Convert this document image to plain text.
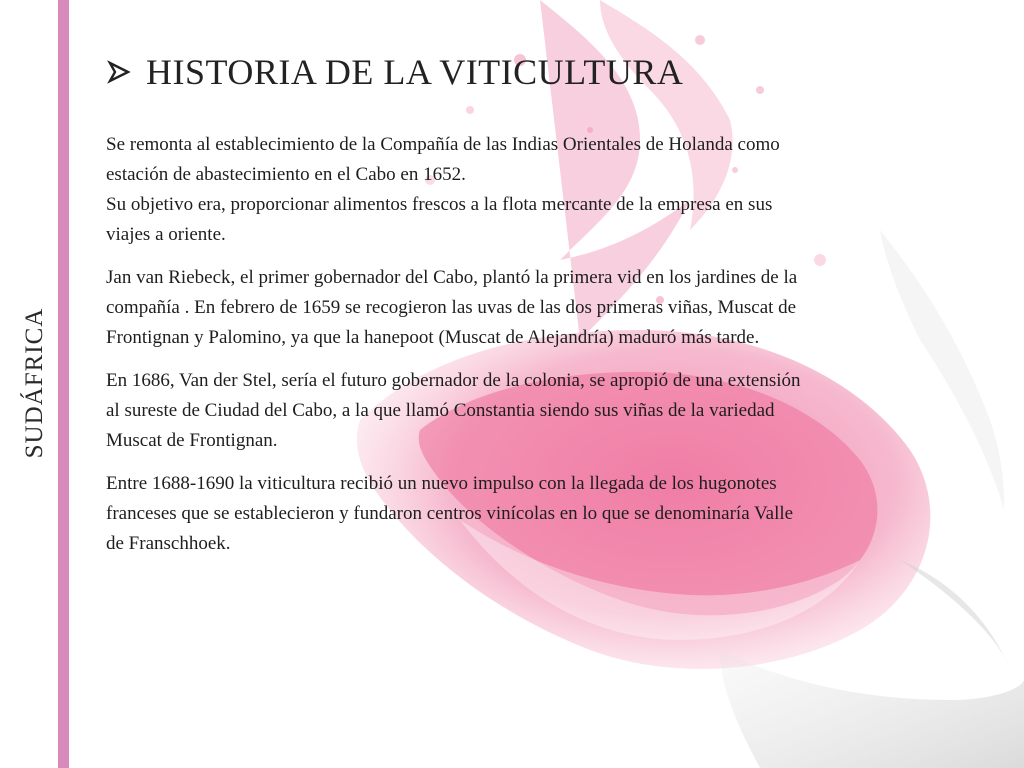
SUDÁFRICA
HISTORIA DE LA VITICULTURA

Se remonta al establecimiento de la Compañía de las Indias Orientales de Holanda como
estación de abastecimiento en el Cabo en 1652.
Su objetivo era, proporcionar alimentos frescos a la flota mercante de la empresa en sus
viajes a oriente.

Jan van Riebeck, el primer gobernador del Cabo, plantó la primera vid en los jardines de la
compañía . En febrero de 1659 se recogieron las uvas de las dos primeras viñas, Muscat de
Frontignan y Palomino, ya que la hanepoot (Muscat de Alejandría) maduró más tarde.

En 1686, Van der Stel, sería el futuro gobernador de la colonia, se apropió de una extensión
al sureste de Ciudad del Cabo, a la que llamó Constantia siendo sus viñas de la variedad
Muscat de Frontignan.

Entre 1688-1690 la viticultura recibió un nuevo impulso con la llegada de los hugonotes
franceses que se establecieron y fundaron centros vinícolas en lo que se denominaría Valle
de Franschhoek.
